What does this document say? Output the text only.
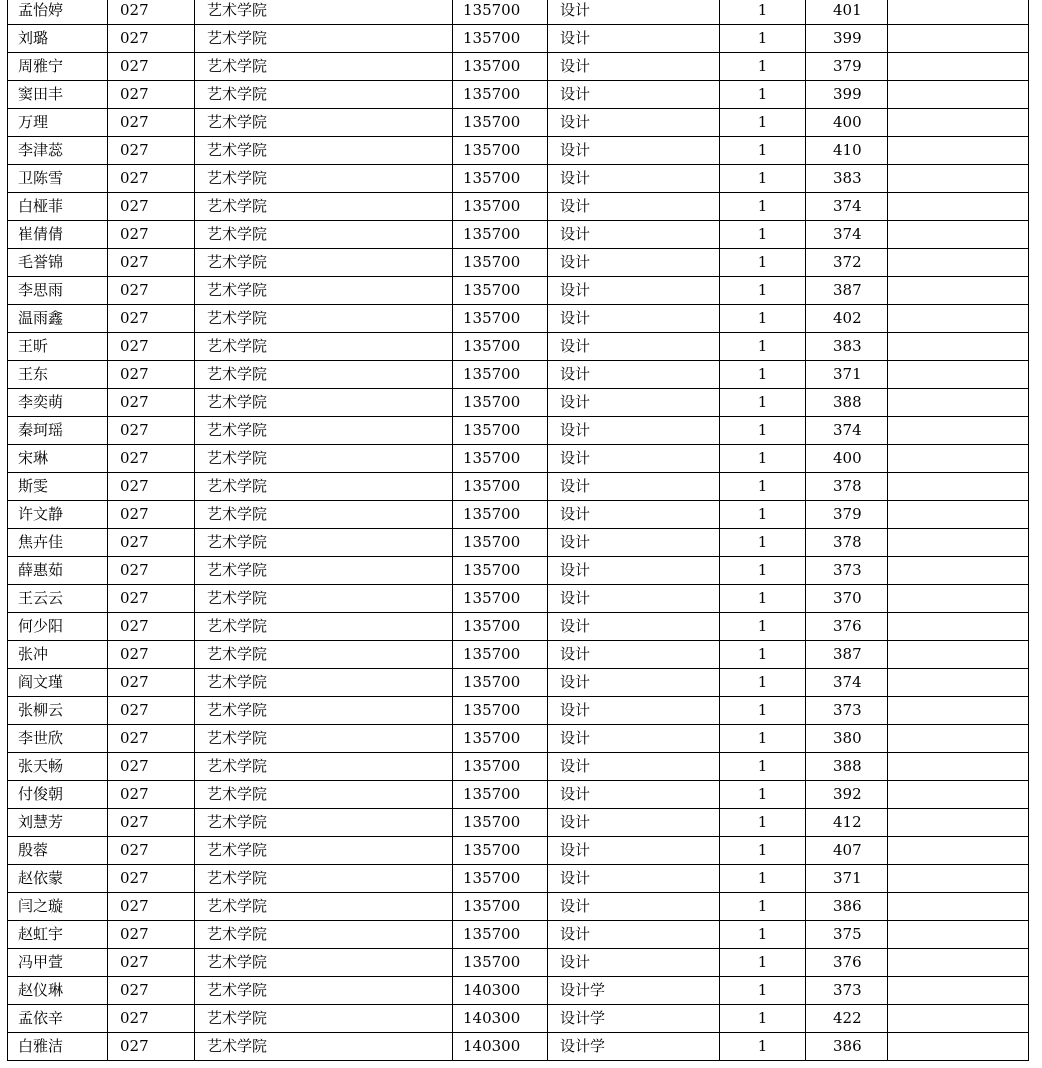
孟怡婷	027	艺术学院	135700	设计	1	401	
刘璐	027	艺术学院	135700	设计	1	399	
周雅宁	027	艺术学院	135700	设计	1	379	
窦田丰	027	艺术学院	135700	设计	1	399	
万理	027	艺术学院	135700	设计	1	400	
李津蕊	027	艺术学院	135700	设计	1	410	
卫陈雪	027	艺术学院	135700	设计	1	383	
白桠菲	027	艺术学院	135700	设计	1	374	
崔倩倩	027	艺术学院	135700	设计	1	374	
毛誉锦	027	艺术学院	135700	设计	1	372	
李思雨	027	艺术学院	135700	设计	1	387	
温雨鑫	027	艺术学院	135700	设计	1	402	
王昕	027	艺术学院	135700	设计	1	383	
王东	027	艺术学院	135700	设计	1	371	
李奕萌	027	艺术学院	135700	设计	1	388	
秦珂瑶	027	艺术学院	135700	设计	1	374	
宋琳	027	艺术学院	135700	设计	1	400	
斯雯	027	艺术学院	135700	设计	1	378	
许文静	027	艺术学院	135700	设计	1	379	
焦卉佳	027	艺术学院	135700	设计	1	378	
薛惠茹	027	艺术学院	135700	设计	1	373	
王云云	027	艺术学院	135700	设计	1	370	
何少阳	027	艺术学院	135700	设计	1	376	
张冲	027	艺术学院	135700	设计	1	387	
阎文瑾	027	艺术学院	135700	设计	1	374	
张柳云	027	艺术学院	135700	设计	1	373	
李世欣	027	艺术学院	135700	设计	1	380	
张天畅	027	艺术学院	135700	设计	1	388	
付俊朝	027	艺术学院	135700	设计	1	392	
刘慧芳	027	艺术学院	135700	设计	1	412	
殷蓉	027	艺术学院	135700	设计	1	407	
赵依蒙	027	艺术学院	135700	设计	1	371	
闫之璇	027	艺术学院	135700	设计	1	386	
赵虹宇	027	艺术学院	135700	设计	1	375	
冯甲萱	027	艺术学院	135700	设计	1	376	
赵仪琳	027	艺术学院	140300	设计学	1	373	
孟依辛	027	艺术学院	140300	设计学	1	422	
白雅洁	027	艺术学院	140300	设计学	1	386	
